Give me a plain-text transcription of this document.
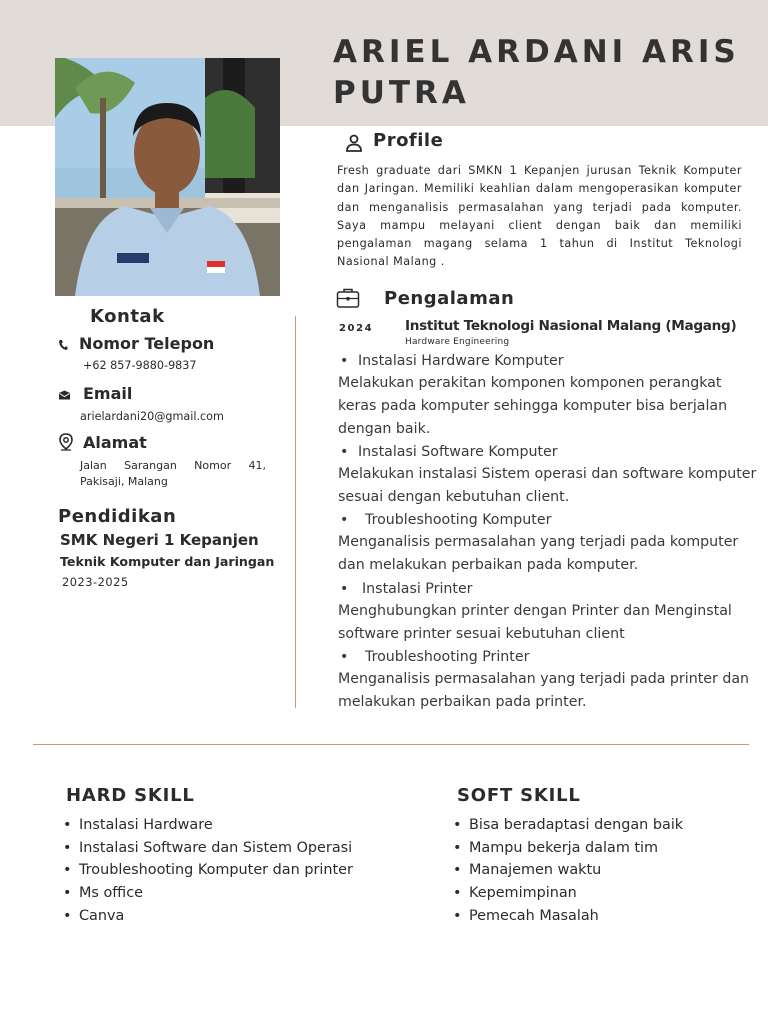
ARIEL ARDANI ARIS PUTRA
Profile
Fresh graduate dari SMKN 1 Kepanjen jurusan Teknik Komputer dan Jaringan. Memiliki keahlian dalam mengoperasikan komputer dan menganalisis permasalahan yang terjadi pada komputer. Saya mampu melayani client dengan baik dan memiliki pengalaman magang selama 1 tahun di Institut Teknologi Nasional Malang .
Pengalaman
2024 Institut Teknologi Nasional Malang (Magang)
Hardware Engineering
• Instalasi Hardware Komputer
Melakukan perakitan komponen komponen perangkat keras pada komputer sehingga komputer bisa berjalan dengan baik.
• Instalasi Software Komputer
Melakukan instalasi Sistem operasi dan software komputer sesuai dengan kebutuhan client.
• Troubleshooting Komputer
Menganalisis permasalahan yang terjadi pada komputer dan melakukan perbaikan pada komputer.
• Instalasi Printer
Menghubungkan printer dengan Printer dan Menginstal software printer sesuai kebutuhan client
• Troubleshooting Printer
Menganalisis permasalahan yang terjadi pada printer dan melakukan perbaikan pada printer.
Kontak
Nomor Telepon
+62 857-9880-9837
Email
arielardani20@gmail.com
Alamat
Jalan Sarangan Nomor 41, Pakisaji, Malang
Pendidikan
SMK Negeri 1 Kepanjen
Teknik Komputer dan Jaringan
2023-2025
HARD SKILL
• Instalasi Hardware
• Instalasi Software dan Sistem Operasi
• Troubleshooting Komputer dan printer
• Ms office
• Canva
SOFT SKILL
• Bisa beradaptasi dengan baik
• Mampu bekerja dalam tim
• Manajemen waktu
• Kepemimpinan
• Pemecah Masalah
